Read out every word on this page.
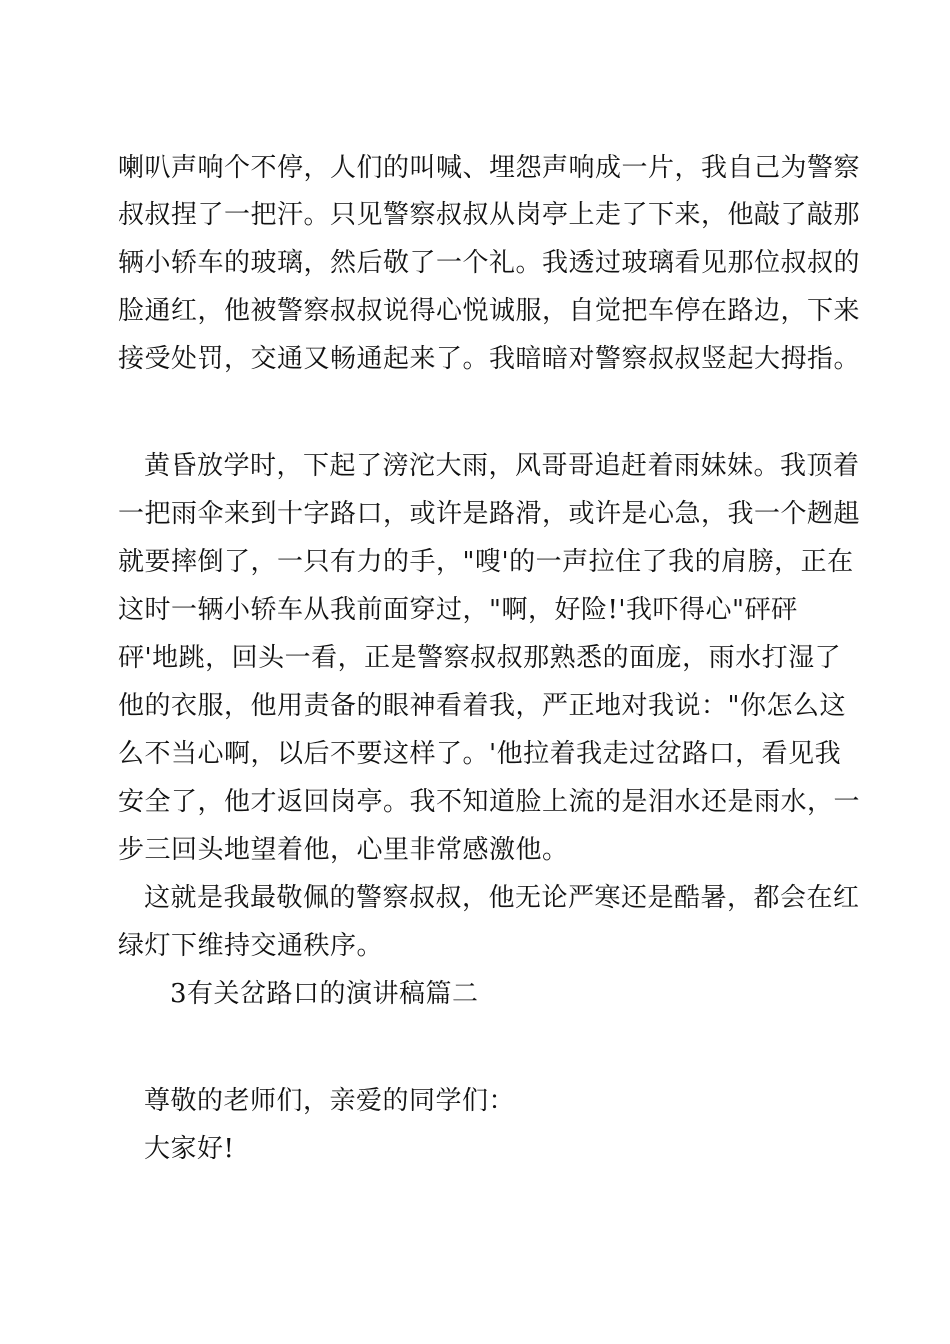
喇叭声响个不停，人们的叫喊、埋怨声响成一片，我自己为警察
叔叔捏了一把汗。只见警察叔叔从岗亭上走了下来，他敲了敲那
辆小轿车的玻璃，然后敬了一个礼。我透过玻璃看见那位叔叔的
脸通红，他被警察叔叔说得心悦诚服，自觉把车停在路边，下来
接受处罚，交通又畅通起来了。我暗暗对警察叔叔竖起大拇指。
黄昏放学时，下起了滂沱大雨，风哥哥追赶着雨妹妹。我顶着
一把雨伞来到十字路口，或许是路滑，或许是心急，我一个趔趄
就要摔倒了，一只有力的手，"嗖'的一声拉住了我的肩膀，正在
这时一辆小轿车从我前面穿过，"啊，好险!'我吓得心"砰砰
砰'地跳，回头一看，正是警察叔叔那熟悉的面庞，雨水打湿了
他的衣服，他用责备的眼神看着我，严正地对我说："你怎么这
么不当心啊，以后不要这样了。'他拉着我走过岔路口，看见我
安全了，他才返回岗亭。我不知道脸上流的是泪水还是雨水，一
步三回头地望着他，心里非常感激他。
这就是我最敬佩的警察叔叔，他无论严寒还是酷暑，都会在红
绿灯下维持交通秩序。
3有关岔路口的演讲稿篇二
尊敬的老师们，亲爱的同学们：
大家好!
